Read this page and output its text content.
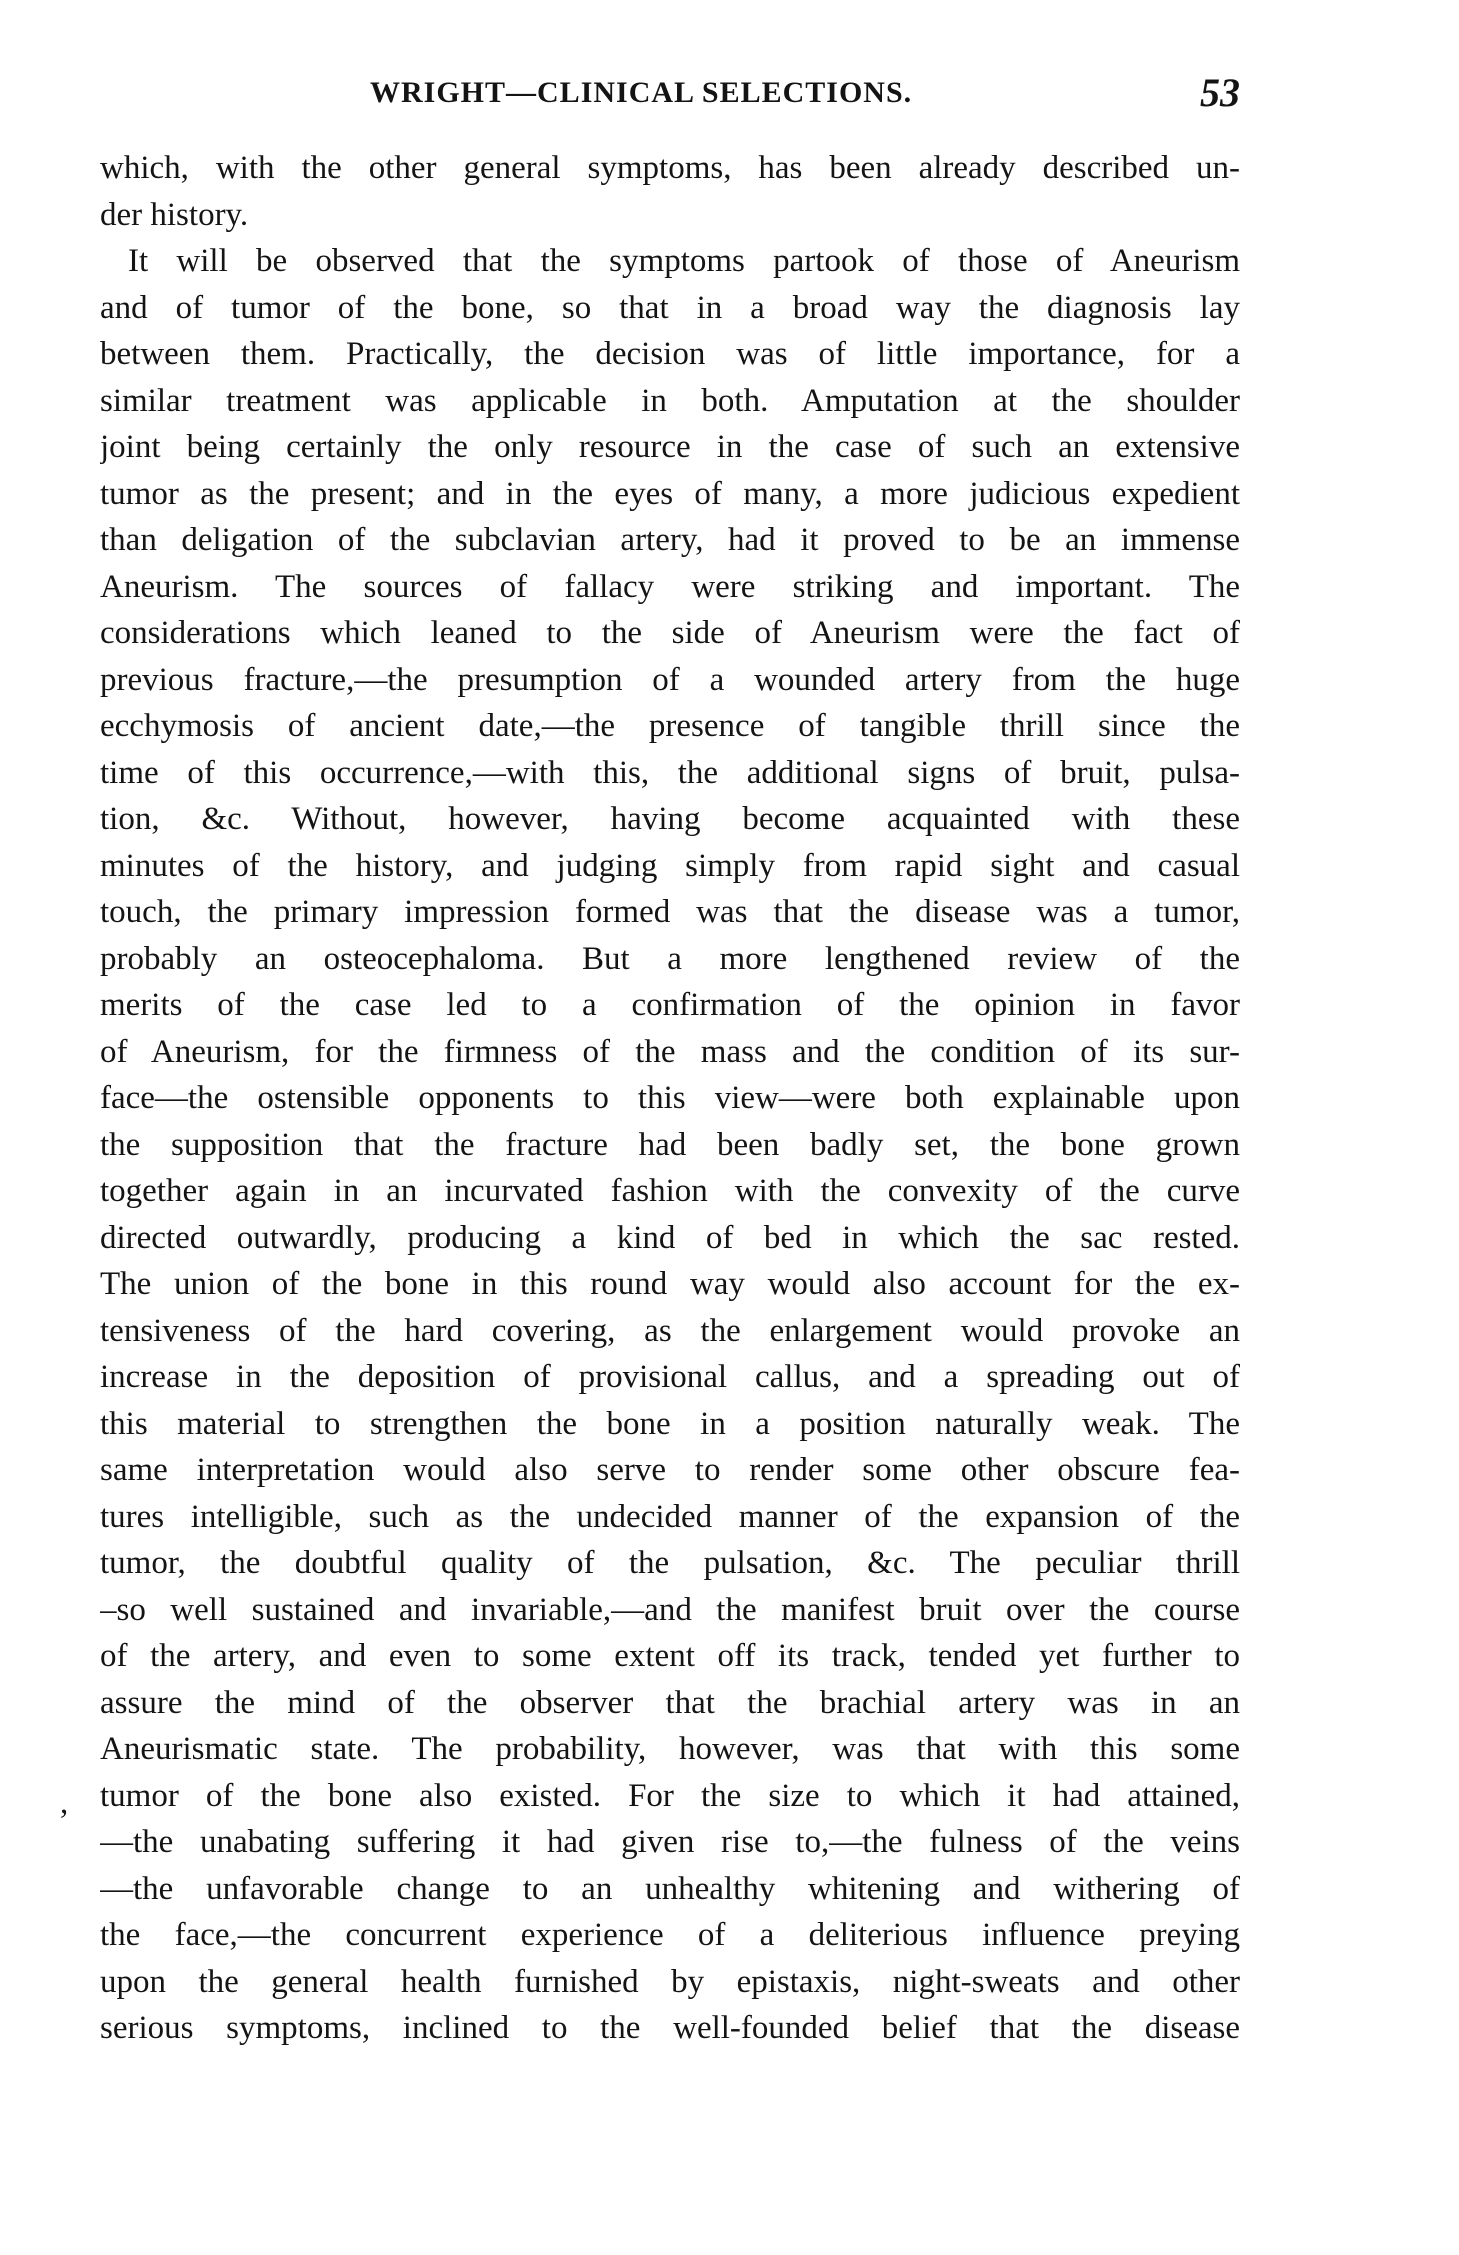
WRIGHT—CLINICAL SELECTIONS.	53
,
which, with the other general symptoms, has been already described un-
der history.
It will be observed that the symptoms partook of those of Aneurism
and of tumor of the bone, so that in a broad way the diagnosis lay
between them. Practically, the decision was of little importance, for a
similar treatment was applicable in both. Amputation at the shoulder
joint being certainly the only resource in the case of such an extensive
tumor as the present; and in the eyes of many, a more judicious expedient
than deligation of the subclavian artery, had it proved to be an immense
Aneurism. The sources of fallacy were striking and important. The
considerations which leaned to the side of Aneurism were the fact of
previous fracture,—the presumption of a wounded artery from the huge
ecchymosis of ancient date,—the presence of tangible thrill since the
time of this occurrence,—with this, the additional signs of bruit, pulsa-
tion, &c. Without, however, having become acquainted with these
minutes of the history, and judging simply from rapid sight and casual
touch, the primary impression formed was that the disease was a tumor,
probably an osteocephaloma. But a more lengthened review of the
merits of the case led to a confirmation of the opinion in favor
of Aneurism, for the firmness of the mass and the condition of its sur-
face—the ostensible opponents to this view—were both explainable upon
the supposition that the fracture had been badly set, the bone grown
together again in an incurvated fashion with the convexity of the curve
directed outwardly, producing a kind of bed in which the sac rested.
The union of the bone in this round way would also account for the ex-
tensiveness of the hard covering, as the enlargement would provoke an
increase in the deposition of provisional callus, and a spreading out of
this material to strengthen the bone in a position naturally weak. The
same interpretation would also serve to render some other obscure fea-
tures intelligible, such as the undecided manner of the expansion of the
tumor, the doubtful quality of the pulsation, &c. The peculiar thrill
–so well sustained and invariable,—and the manifest bruit over the course
of the artery, and even to some extent off its track, tended yet further to
assure the mind of the observer that the brachial artery was in an
Aneurismatic state. The probability, however, was that with this some
tumor of the bone also existed. For the size to which it had attained,
—the unabating suffering it had given rise to,—the fulness of the veins
—the unfavorable change to an unhealthy whitening and withering of
the face,—the concurrent experience of a deliterious influence preying
upon the general health furnished by epistaxis, night-sweats and other
serious symptoms, inclined to the well-founded belief that the disease
